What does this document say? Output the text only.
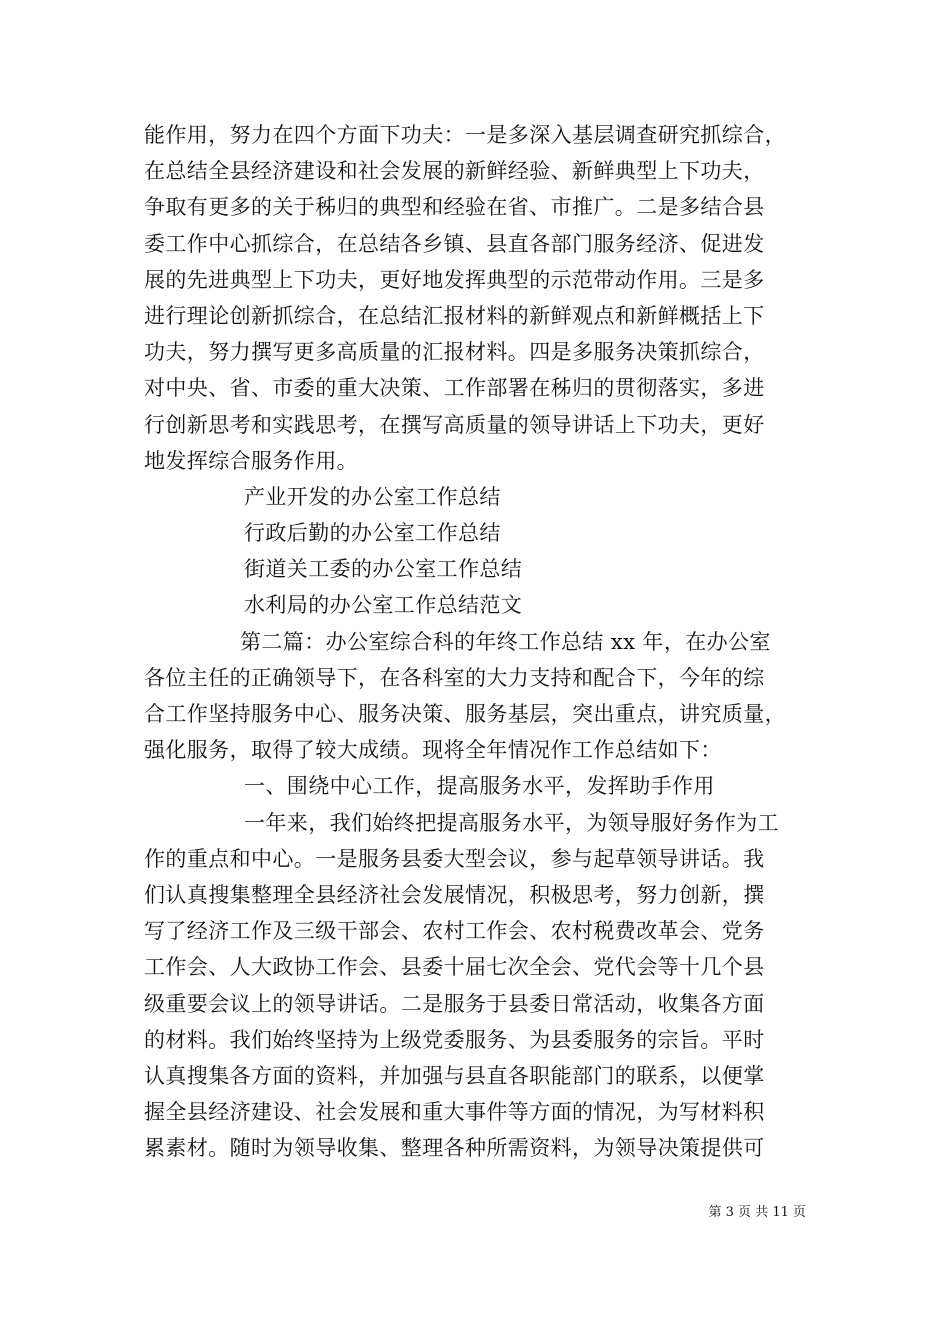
能作用，努力在四个方面下功夫：一是多深入基层调查研究抓综合，
在总结全县经济建设和社会发展的新鲜经验、新鲜典型上下功夫，
争取有更多的关于秭归的典型和经验在省、市推广。二是多结合县
委工作中心抓综合，在总结各乡镇、县直各部门服务经济、促进发
展的先进典型上下功夫，更好地发挥典型的示范带动作用。三是多
进行理论创新抓综合，在总结汇报材料的新鲜观点和新鲜概括上下
功夫，努力撰写更多高质量的汇报材料。四是多服务决策抓综合，
对中央、省、市委的重大决策、工作部署在秭归的贯彻落实，多进
行创新思考和实践思考，在撰写高质量的领导讲话上下功夫，更好
地发挥综合服务作用。
产业开发的办公室工作总结
行政后勤的办公室工作总结
街道关工委的办公室工作总结
水利局的办公室工作总结范文
第二篇：办公室综合科的年终工作总结 xx 年，在办公室
各位主任的正确领导下，在各科室的大力支持和配合下，今年的综
合工作坚持服务中心、服务决策、服务基层，突出重点，讲究质量，
强化服务，取得了较大成绩。现将全年情况作工作总结如下：
一、围绕中心工作，提高服务水平，发挥助手作用
一年来，我们始终把提高服务水平，为领导服好务作为工
作的重点和中心。一是服务县委大型会议，参与起草领导讲话。我
们认真搜集整理全县经济社会发展情况，积极思考，努力创新，撰
写了经济工作及三级干部会、农村工作会、农村税费改革会、党务
工作会、人大政协工作会、县委十届七次全会、党代会等十几个县
级重要会议上的领导讲话。二是服务于县委日常活动，收集各方面
的材料。我们始终坚持为上级党委服务、为县委服务的宗旨。平时
认真搜集各方面的资料，并加强与县直各职能部门的联系，以便掌
握全县经济建设、社会发展和重大事件等方面的情况，为写材料积
累素材。随时为领导收集、整理各种所需资料，为领导决策提供可
第 3 页 共 11 页
